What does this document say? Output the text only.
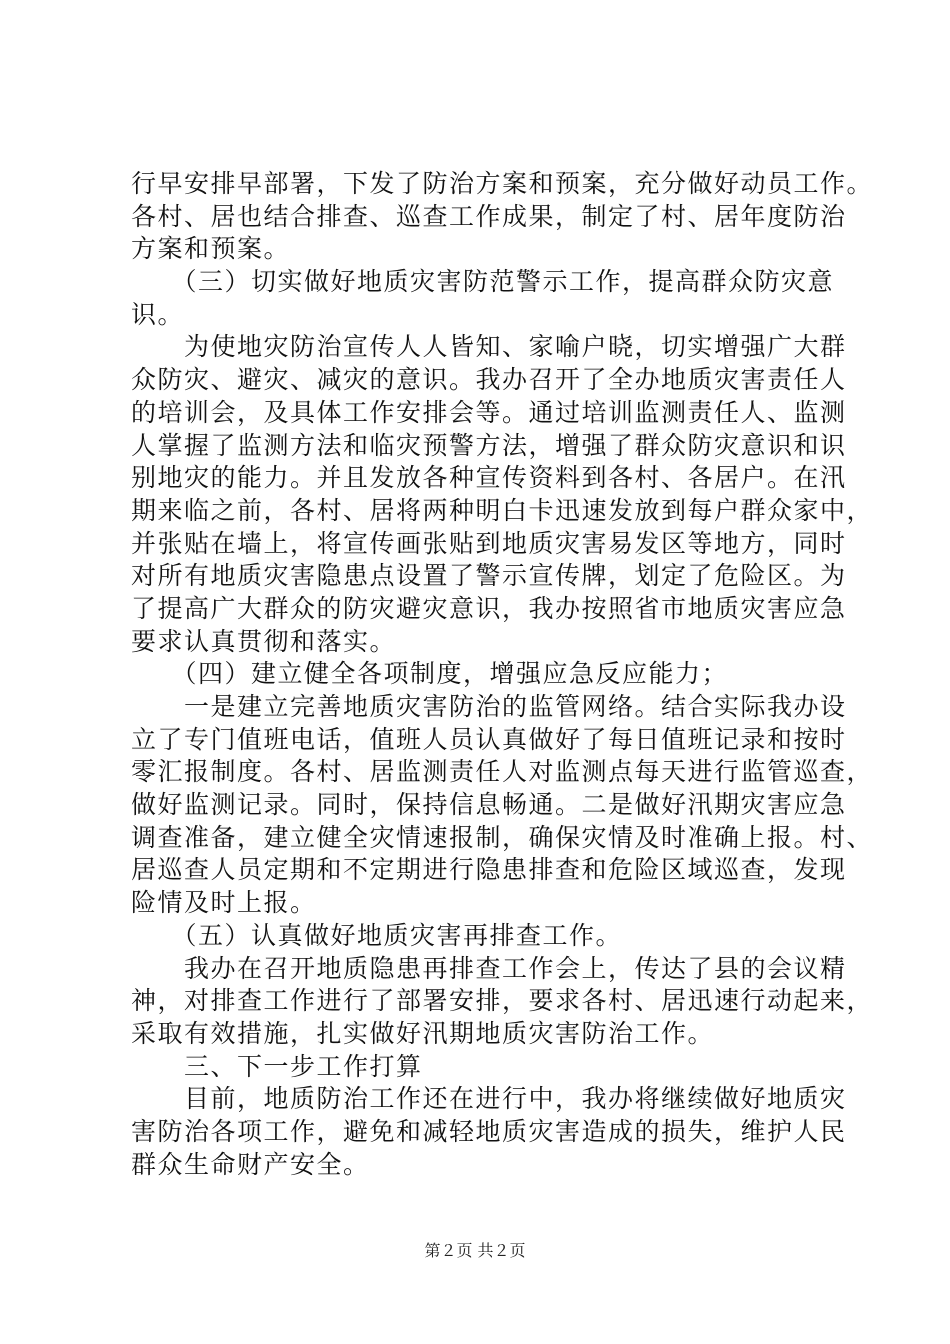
行早安排早部署，下发了防治方案和预案，充分做好动员工作。
各村、居也结合排查、巡查工作成果，制定了村、居年度防治
方案和预案。
　　（三）切实做好地质灾害防范警示工作，提高群众防灾意
识。
　　为使地灾防治宣传人人皆知、家喻户晓，切实增强广大群
众防灾、避灾、减灾的意识。我办召开了全办地质灾害责任人
的培训会，及具体工作安排会等。通过培训监测责任人、监测
人掌握了监测方法和临灾预警方法，增强了群众防灾意识和识
别地灾的能力。并且发放各种宣传资料到各村、各居户。在汛
期来临之前，各村、居将两种明白卡迅速发放到每户群众家中，
并张贴在墙上，将宣传画张贴到地质灾害易发区等地方，同时
对所有地质灾害隐患点设置了警示宣传牌，划定了危险区。为
了提高广大群众的防灾避灾意识，我办按照省市地质灾害应急
要求认真贯彻和落实。
　　（四）建立健全各项制度，增强应急反应能力；
　　一是建立完善地质灾害防治的监管网络。结合实际我办设
立了专门值班电话，值班人员认真做好了每日值班记录和按时
零汇报制度。各村、居监测责任人对监测点每天进行监管巡查，
做好监测记录。同时，保持信息畅通。二是做好汛期灾害应急
调查准备，建立健全灾情速报制，确保灾情及时准确上报。村、
居巡查人员定期和不定期进行隐患排查和危险区域巡查，发现
险情及时上报。
　　（五）认真做好地质灾害再排查工作。
　　我办在召开地质隐患再排查工作会上，传达了县的会议精
神，对排查工作进行了部署安排，要求各村、居迅速行动起来，
采取有效措施，扎实做好汛期地质灾害防治工作。
　　三、下一步工作打算
　　目前，地质防治工作还在进行中，我办将继续做好地质灾
害防治各项工作，避免和减轻地质灾害造成的损失，维护人民
群众生命财产安全。
第２页 共２页
